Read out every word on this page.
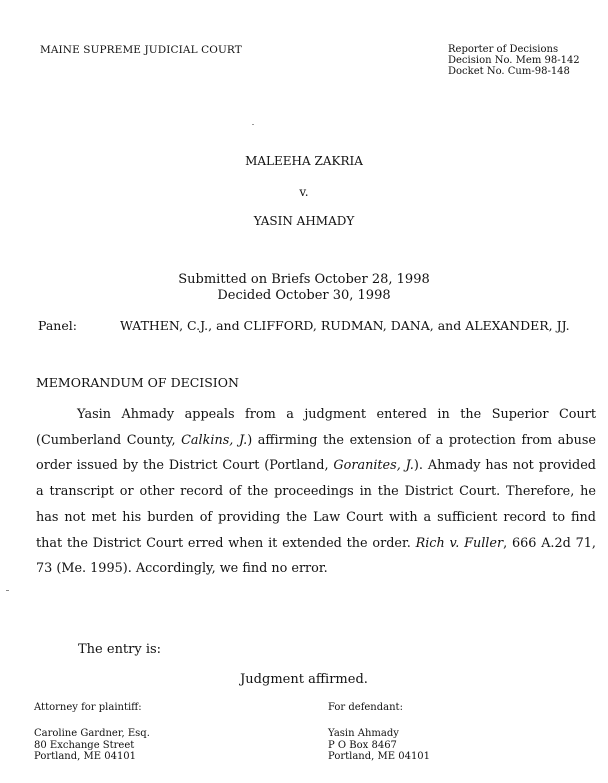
MAINE SUPREME JUDICIAL COURT	Reporter of Decisions
Decision No. Mem 98-142
Docket No. Cum-98-148
MALEEHA ZAKRIA
v.
YASIN AHMADY
Submitted on Briefs October 28, 1998
Decided October 30, 1998
Panel:	WATHEN, C.J., and CLIFFORD, RUDMAN, DANA, and ALEXANDER, JJ.
MEMORANDUM OF DECISION

Yasin Ahmady appeals from a judgment entered in the Superior Court (Cumberland County, Calkins, J.) affirming the extension of a protection from abuse order issued by the District Court (Portland, Goranites, J.). Ahmady has not provided a transcript or other record of the proceedings in the District Court. Therefore, he has not met his burden of providing the Law Court with a sufficient record to find that the District Court erred when it extended the order. Rich v. Fuller, 666 A.2d 71, 73 (Me. 1995). Accordingly, we find no error.

The entry is:
Judgment affirmed.
Attorney for plaintiff:	For defendant:
Caroline Gardner, Esq.
80 Exchange Street
Portland, ME 04101
Yasin Ahmady
P O Box 8467
Portland, ME 04101
